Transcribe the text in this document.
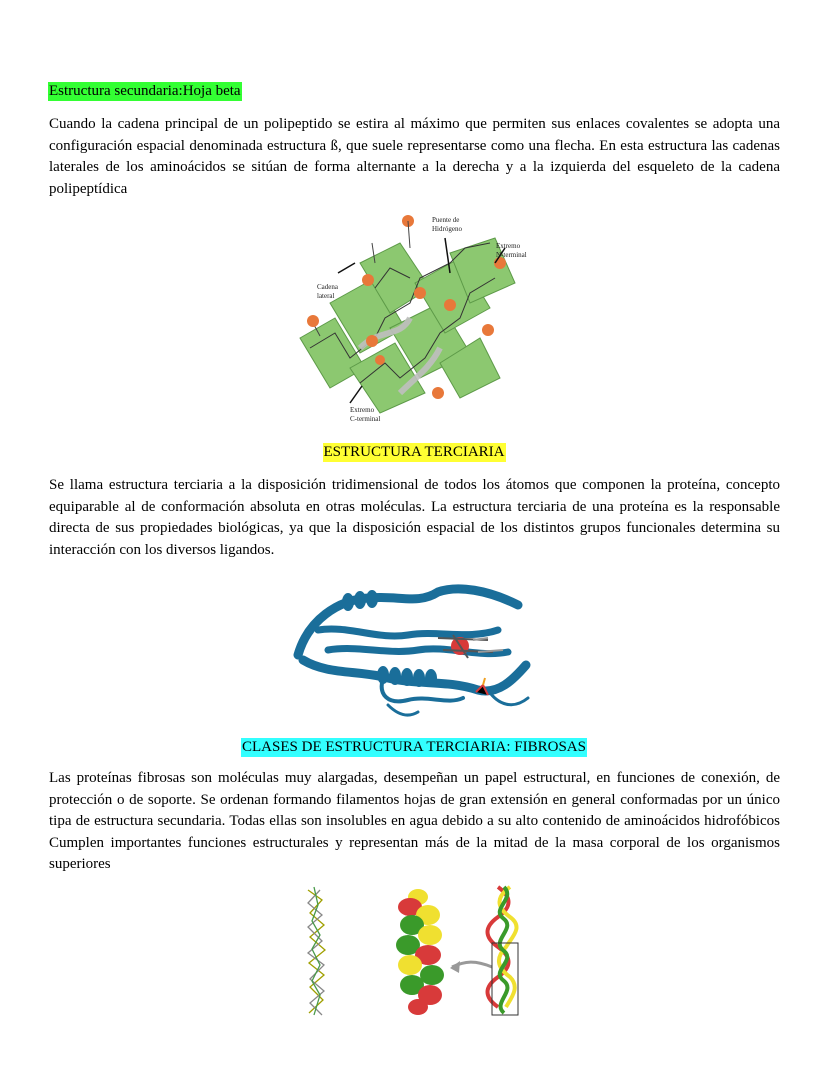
Estructura secundaria:Hoja beta

Cuando la cadena principal de un polipeptido se estira al máximo que permiten sus enlaces covalentes se adopta una configuración espacial denominada estructura ß, que suele representarse como una flecha. En esta estructura las cadenas laterales de los aminoácidos se sitúan de forma alternante a la derecha y a la izquierda del esqueleto de la cadena polipeptídica

Puente de
Hidrógeno
Extremo
N-terminal
Cadena
lateral
Extremo
C-terminal
ESTRUCTURA TERCIARIA

Se llama estructura terciaria a la disposición tridimensional de todos los átomos que componen la proteína, concepto equiparable al de conformación absoluta en otras moléculas. La estructura terciaria de una proteína es la responsable directa de sus propiedades biológicas, ya que la disposición espacial de los distintos grupos funcionales determina su interacción con los diversos ligandos.

CLASES DE ESTRUCTURA TERCIARIA: FIBROSAS

Las proteínas fibrosas son moléculas muy alargadas, desempeñan un papel estructural, en funciones de conexión, de protección o de soporte. Se ordenan formando filamentos hojas de gran extensión en general conformadas por un único tipa de estructura secundaria. Todas ellas son insolubles en agua debido a su alto contenido de aminoácidos hidrofóbicos Cumplen importantes funciones estructurales y representan más de la mitad de la masa corporal de los organismos superiores
